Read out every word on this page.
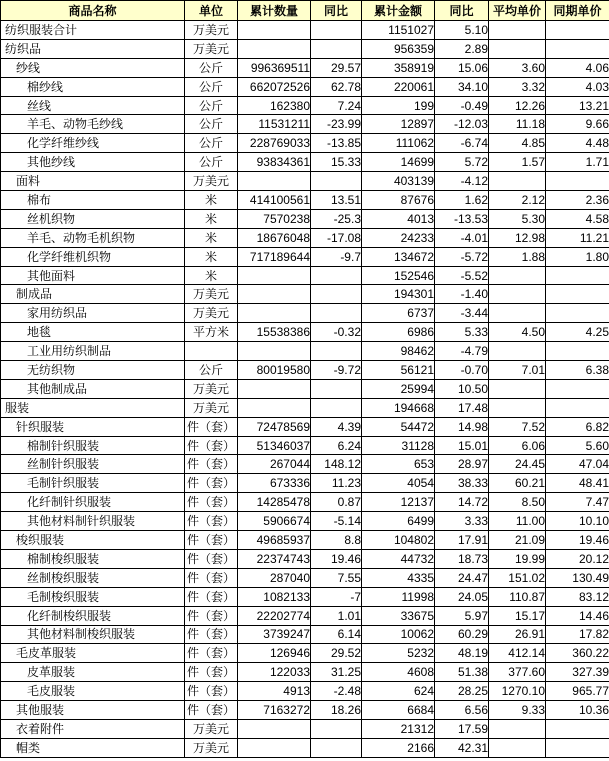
商品名称	单位	累计数量	同比	累计金额	同比	平均单价	同期单价
纺织服装合计	万美元			1151027	5.10		
纺织品	万美元			956359	2.89		
纱线	公斤	996369511	29.57	358919	15.06	3.60	4.06
棉纱线	公斤	662072526	62.78	220061	34.10	3.32	4.03
丝线	公斤	162380	7.24	199	-0.49	12.26	13.21
羊毛、动物毛纱线	公斤	11531211	-23.99	12897	-12.03	11.18	9.66
化学纤维纱线	公斤	228769033	-13.85	111062	-6.74	4.85	4.48
其他纱线	公斤	93834361	15.33	14699	5.72	1.57	1.71
面料	万美元			403139	-4.12		
棉布	米	414100561	13.51	87676	1.62	2.12	2.36
丝机织物	米	7570238	-25.3	4013	-13.53	5.30	4.58
羊毛、动物毛机织物	米	18676048	-17.08	24233	-4.01	12.98	11.21
化学纤维机织物	米	717189644	-9.7	134672	-5.72	1.88	1.80
其他面料	米			152546	-5.52		
制成品	万美元			194301	-1.40		
家用纺织品	万美元			6737	-3.44		
地毯	平方米	15538386	-0.32	6986	5.33	4.50	4.25
工业用纺织制品				98462	-4.79		
无纺织物	公斤	80019580	-9.72	56121	-0.70	7.01	6.38
其他制成品	万美元			25994	10.50		
服装	万美元			194668	17.48		
针织服装	件（套）	72478569	4.39	54472	14.98	7.52	6.82
棉制针织服装	件（套）	51346037	6.24	31128	15.01	6.06	5.60
丝制针织服装	件（套）	267044	148.12	653	28.97	24.45	47.04
毛制针织服装	件（套）	673336	11.23	4054	38.33	60.21	48.41
化纤制针织服装	件（套）	14285478	0.87	12137	14.72	8.50	7.47
其他材料制针织服装	件（套）	5906674	-5.14	6499	3.33	11.00	10.10
梭织服装	件（套）	49685937	8.8	104802	17.91	21.09	19.46
棉制梭织服装	件（套）	22374743	19.46	44732	18.73	19.99	20.12
丝制梭织服装	件（套）	287040	7.55	4335	24.47	151.02	130.49
毛制梭织服装	件（套）	1082133	-7	11998	24.05	110.87	83.12
化纤制梭织服装	件（套）	22202774	1.01	33675	5.97	15.17	14.46
其他材料制梭织服装	件（套）	3739247	6.14	10062	60.29	26.91	17.82
毛皮革服装	件（套）	126946	29.52	5232	48.19	412.14	360.22
皮革服装	件（套）	122033	31.25	4608	51.38	377.60	327.39
毛皮服装	件（套）	4913	-2.48	624	28.25	1270.10	965.77
其他服装	件（套）	7163272	18.26	6684	6.56	9.33	10.36
衣着附件	万美元			21312	17.59		
帽类	万美元			2166	42.31		
